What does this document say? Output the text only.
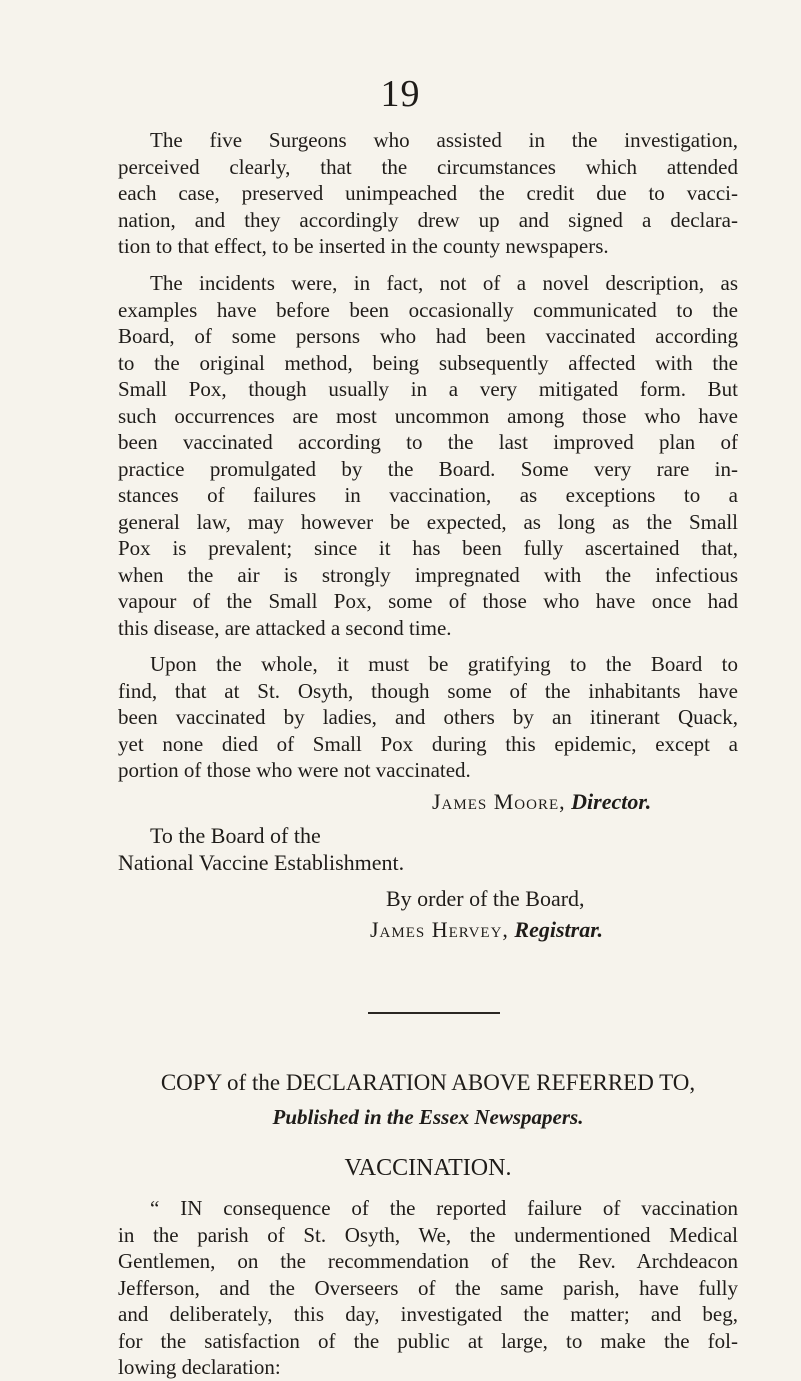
19
The five Surgeons who assisted in the investigation,
perceived clearly, that the circumstances which attended
each case, preserved unimpeached the credit due to vacci-
nation, and they accordingly drew up and signed a declara-
tion to that effect, to be inserted in the county newspapers.
The incidents were, in fact, not of a novel description, as
examples have before been occasionally communicated to the
Board, of some persons who had been vaccinated according
to the original method, being subsequently affected with the
Small Pox, though usually in a very mitigated form. But
such occurrences are most uncommon among those who have
been vaccinated according to the last improved plan of
practice promulgated by the Board. Some very rare in-
stances of failures in vaccination, as exceptions to a
general law, may however be expected, as long as the Small
Pox is prevalent; since it has been fully ascertained that,
when the air is strongly impregnated with the infectious
vapour of the Small Pox, some of those who have once had
this disease, are attacked a second time.
Upon the whole, it must be gratifying to the Board to
find, that at St. Osyth, though some of the inhabitants have
been vaccinated by ladies, and others by an itinerant Quack,
yet none died of Small Pox during this epidemic, except a
portion of those who were not vaccinated.
James Moore, Director.
To the Board of the
National Vaccine Establishment.
By order of the Board,
James Hervey, Registrar.
COPY of the DECLARATION ABOVE REFERRED TO,
Published in the Essex Newspapers.
VACCINATION.
“ IN consequence of the reported failure of vaccination
in the parish of St. Osyth, We, the undermentioned Medical
Gentlemen, on the recommendation of the Rev. Archdeacon
Jefferson, and the Overseers of the same parish, have fully
and deliberately, this day, investigated the matter; and beg,
for the satisfaction of the public at large, to make the fol-
lowing declaration:
